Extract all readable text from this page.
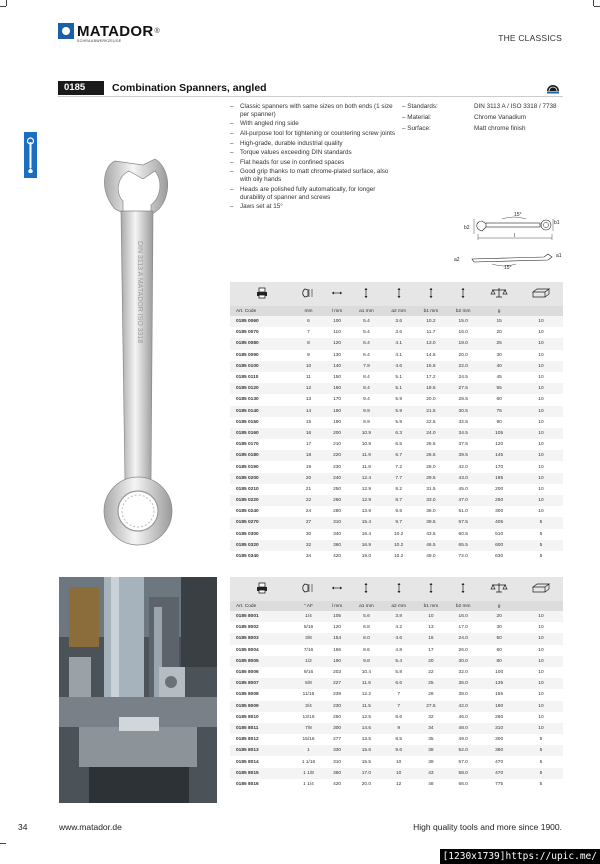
MATADOR ®
SCHRAUBWERKZEUGE	THE CLASSICS
0185	Combination Spanners, angled
DIN 3113 A MATADOR ISO 3318
– Classic spanners with same sizes on both ends (1 size per spanner)
– With angled ring side
– All-purpose tool for tightening or countering screw joints
– High-grade, durable industrial quality
– Torque values exceeding DIN standards
– Flat heads for use in confined spaces
– Good grip thanks to matt chrome-plated surface, also with oily hands
– Heads are polished fully automatically, for longer durability of spanner and screws
– Jaws set at 15°
– Standards:	DIN 3113 A / ISO 3318 / 7738
– Material:	Chrome Vanadium
– Surface:	Matt chrome finish
l
15°
b2
b1
a2
a1
15°

Art. Code	mm		l mm	a1 mm	a2 mm	b1 mm	b2 mm	g	
0185 0060	6		100	5.4	3.6	10.2	15.0	15	10
0185 0070	7		110	5.4	3.6	11.7	16.0	20	10
0185 0080	8		120	6.4	4.1	13.0	18.0	25	10
0185 0090	9		130	6.4	4.1	14.5	20.0	30	10
0185 0100	10		140	7.9	4.6	15.8	22.0	40	10
0185 0110	11		150	8.4	5.1	17.2	24.5	45	10
0185 0120	12		160	8.4	5.1	18.5	27.5	55	10
0185 0130	13		170	9.4	5.9	20.0	28.5	60	10
0185 0140	14		180	9.9	5.9	21.5	30.5	75	10
0185 0150	15		190	9.9	5.9	22.5	32.5	90	10
0185 0160	16		200	10.9	6.3	24.0	34.5	105	10
0185 0170	17		210	10.9	6.5	25.5	37.5	120	10
0185 0180	18		220	11.9	6.7	26.5	39.5	145	10
0185 0190	19		230	11.9	7.2	28.0	42.0	170	10
0185 0200	20		240	12.4	7.7	29.5	43.0	185	10
0185 0210	21		250	12.9	8.2	31.5	45.0	200	10
0185 0220	22		260	12.9	8.7	33.0	47.0	250	10
0185 0240	24		280	13.9	9.5	36.0	51.0	300	10
0185 0270	27		310	15.4	9.7	39.5	57.5	405	5
0185 0300	30		340	16.4	10.2	43.5	60.5	510	5
0185 0320	32		360	16.9	10.2	46.5	65.5	600	5
0185 0340	34		420	19.0	10.2	49.0	72.0	630	5

Art. Code	" AF		l mm	a1 mm	a2 mm	b1 mm	b2 mm	g	
0185 8001	1/4		105	5.6	3.8	10	16.0	20	10
0185 8002	5/16		120	6.8	4.2	13	17.0	30	10
0185 8003	3/8		154	8.0	4.6	16	24.0	50	10
0185 8004	7/16		166	8.6	4.8	17	26.0	60	10
0185 8005	1/2		190	9.8	5.4	20	30.0	80	10
0185 8006	9/16		203	10.4	5.8	22	32.0	100	10
0185 8007	5/8		227	11.6	6.6	25	36.0	135	10
0185 8008	11/16		239	12.2	7	26	38.0	155	10
0185 8009	3/4		230	11.5	7	27.5	42.0	190	10
0185 8010	13/16		250	12.5	8.6	32	46.0	260	10
0185 8011	7/8		300	14.6	9	34	48.0	310	10
0185 8012	15/16		277	13.5	8.5	35	49.0	300	5
0185 8013	1		330	15.6	9.6	38	52.0	380	5
0185 8014	1 1/16		310	15.5	10	39	57.0	470	5
0185 8015	1 1/8		360	17.0	10	43	58.0	470	5
0185 8016	1 1/4		420	20.0	12	48	66.0	775	5
34	www.matador.de	High quality tools and more since 1900.
[1230x1739]https://upic.me/
